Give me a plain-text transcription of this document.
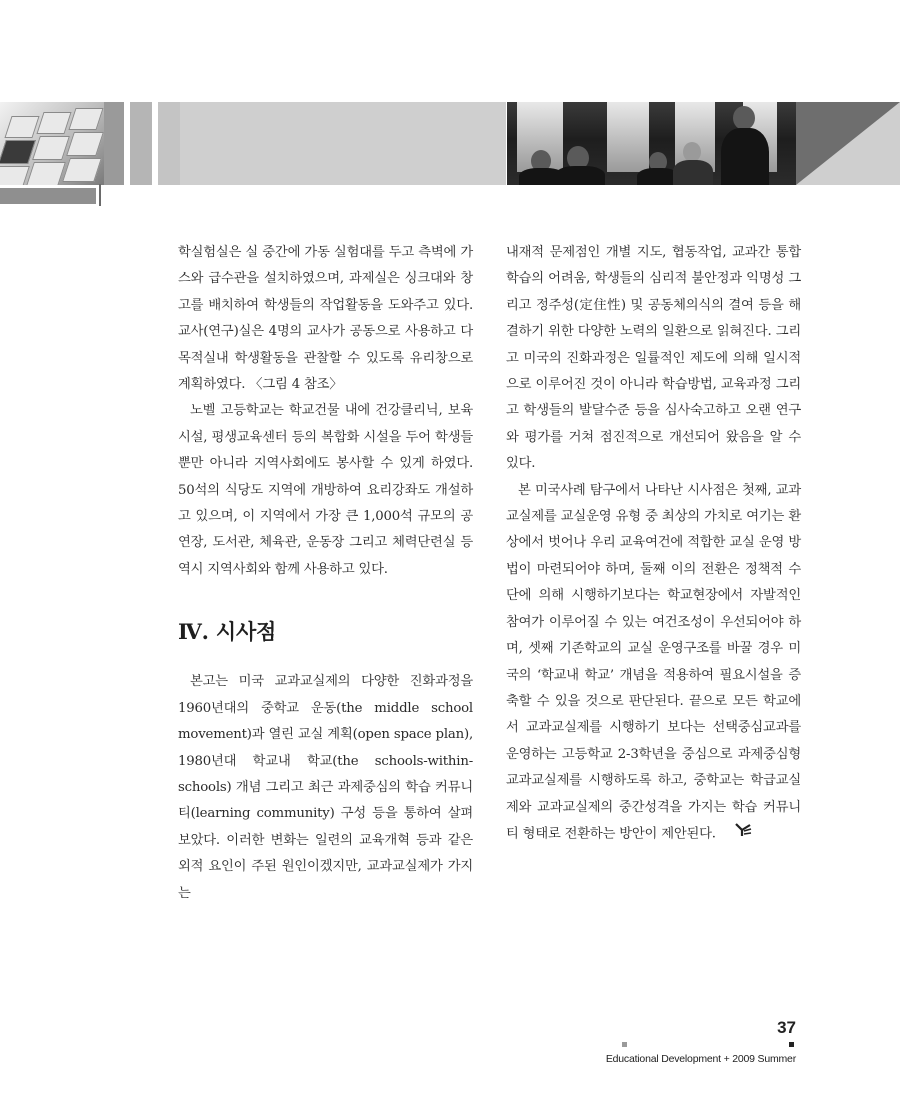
학실험실은 실 중간에 가동 실험대를 두고 측벽에 가스와 급수관을 설치하였으며, 과제실은 싱크대와 창고를 배치하여 학생들의 작업활동을 도와주고 있다. 교사(연구)실은 4명의 교사가 공동으로 사용하고 다목적실내 학생활동을 관찰할 수 있도록 유리창으로 계획하였다. 〈그림 4 참조〉

노벨 고등학교는 학교건물 내에 건강클리닉, 보육시설, 평생교육센터 등의 복합화 시설을 두어 학생들 뿐만 아니라 지역사회에도 봉사할 수 있게 하였다. 50석의 식당도 지역에 개방하여 요리강좌도 개설하고 있으며, 이 지역에서 가장 큰 1,000석 규모의 공연장, 도서관, 체육관, 운동장 그리고 체력단련실 등 역시 지역사회와 함께 사용하고 있다.

Ⅳ. 시사점

본고는 미국 교과교실제의 다양한 진화과정을 1960년대의 중학교 운동(the middle school movement)과 열린 교실 계획(open space plan), 1980년대 학교내 학교(the schools-within-schools) 개념 그리고 최근 과제중심의 학습 커뮤니티(learning community) 구성 등을 통하여 살펴보았다. 이러한 변화는 일련의 교육개혁 등과 같은 외적 요인이 주된 원인이겠지만, 교과교실제가 가지는

내재적 문제점인 개별 지도, 협동작업, 교과간 통합학습의 어려움, 학생들의 심리적 불안정과 익명성 그리고 정주성(定住性) 및 공동체의식의 결여 등을 해결하기 위한 다양한 노력의 일환으로 읽혀진다. 그리고 미국의 진화과정은 일률적인 제도에 의해 일시적으로 이루어진 것이 아니라 학습방법, 교육과정 그리고 학생들의 발달수준 등을 심사숙고하고 오랜 연구와 평가를 거쳐 점진적으로 개선되어 왔음을 알 수 있다.

본 미국사례 탐구에서 나타난 시사점은 첫째, 교과교실제를 교실운영 유형 중 최상의 가치로 여기는 환상에서 벗어나 우리 교육여건에 적합한 교실 운영 방법이 마련되어야 하며, 둘째 이의 전환은 정책적 수단에 의해 시행하기보다는 학교현장에서 자발적인 참여가 이루어질 수 있는 여건조성이 우선되어야 하며, 셋째 기존학교의 교실 운영구조를 바꿀 경우 미국의 ‘학교내 학교’ 개념을 적용하여 필요시설을 증축할 수 있을 것으로 판단된다. 끝으로 모든 학교에서 교과교실제를 시행하기 보다는 선택중심교과를 운영하는 고등학교 2-3학년을 중심으로 과제중심형 교과교실제를 시행하도록 하고, 중학교는 학급교실제와 교과교실제의 중간성격을 가지는 학습 커뮤니티 형태로 전환하는 방안이 제안된다.

37
Educational Development + 2009 Summer
